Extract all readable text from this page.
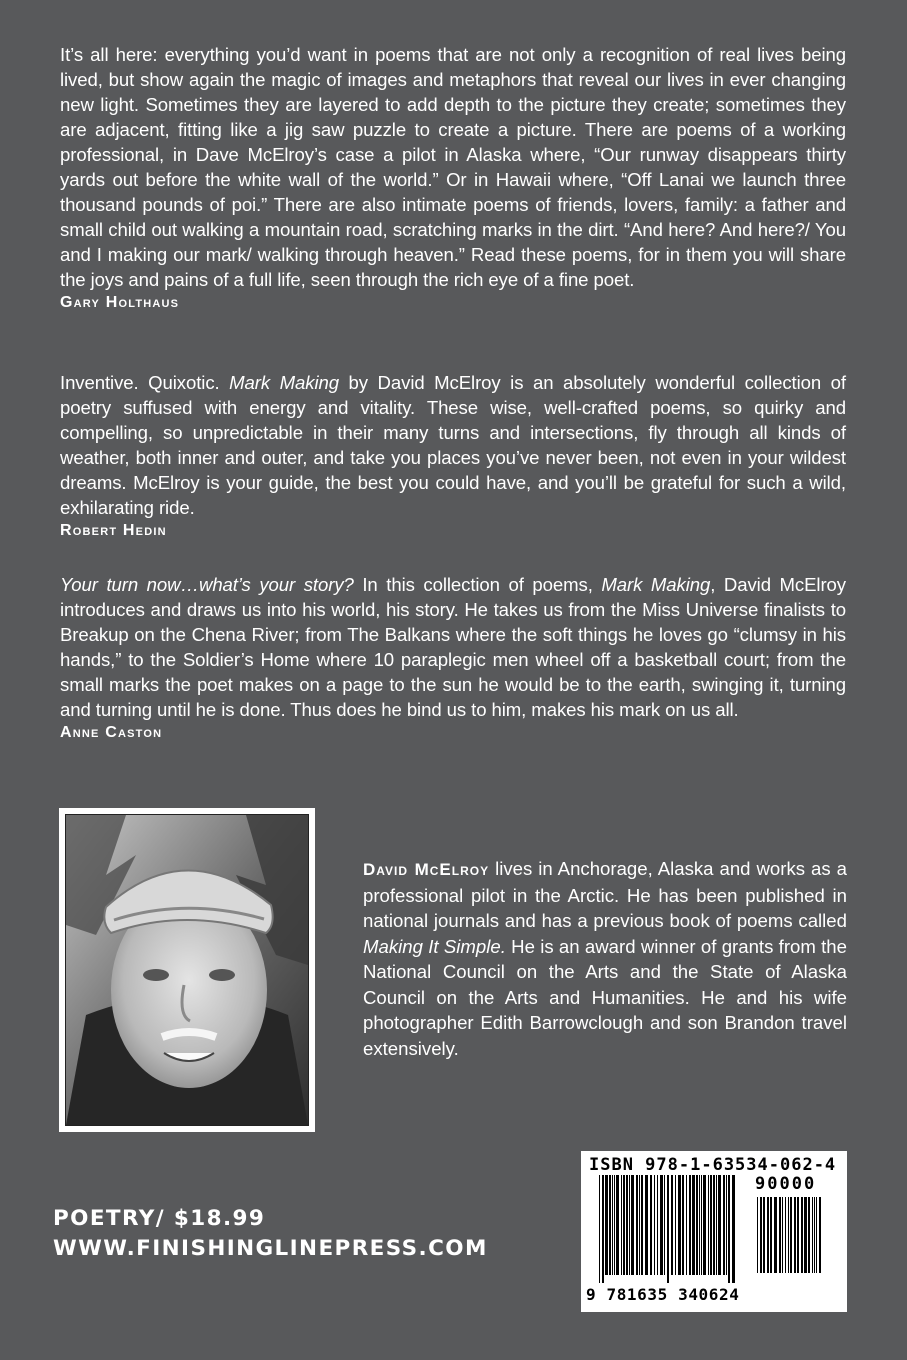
It’s all here: everything you’d want in poems that are not only a recognition of real lives being lived, but show again the magic of images and metaphors that reveal our lives in ever changing new light. Sometimes they are layered to add depth to the picture they create; sometimes they are adjacent, fitting like a jig saw puzzle to create a picture. There are poems of a working professional, in Dave McElroy’s case a pilot in Alaska where, “Our runway disappears thirty yards out before the white wall of the world.” Or in Hawaii where, “Off Lanai we launch three thousand pounds of poi.” There are also intimate poems of friends, lovers, family: a father and small child out walking a mountain road, scratching marks in the dirt. “And here? And here?/ You and I making our mark/ walking through heaven.” Read these poems, for in them you will share the joys and pains of a full life, seen through the rich eye of a fine poet.

Gary Holthaus

Inventive. Quixotic. Mark Making by David McElroy is an absolutely wonderful collection of poetry suffused with energy and vitality. These wise, well-crafted poems, so quirky and compelling, so unpredictable in their many turns and intersections, fly through all kinds of weather, both inner and outer, and take you places you’ve never been, not even in your wildest dreams. McElroy is your guide, the best you could have, and you’ll be grateful for such a wild, exhilarating ride.

Robert Hedin

Your turn now…what’s your story? In this collection of poems, Mark Making, David McElroy introduces and draws us into his world, his story. He takes us from the Miss Universe finalists to Breakup on the Chena River; from The Balkans where the soft things he loves go “clumsy in his hands,” to the Soldier’s Home where 10 paraplegic men wheel off a basketball court; from the small marks the poet makes on a page to the sun he would be to the earth, swinging it, turning and turning until he is done. Thus does he bind us to him, makes his mark on us all.

Anne Caston
David McElroy lives in Anchorage, Alaska and works as a professional pilot in the Arctic. He has been published in national journals and has a previous book of poems called Making It Simple. He is an award winner of grants from the National Council on the Arts and the State of Alaska Council on the Arts and Humanities. He and his wife photographer Edith Barrowclough and son Brandon travel extensively.
POETRY/ $18.99
WWW.FINISHINGLINEPRESS.COM
ISBN 978-1-63534-062-4
90000
9 781635 340624
